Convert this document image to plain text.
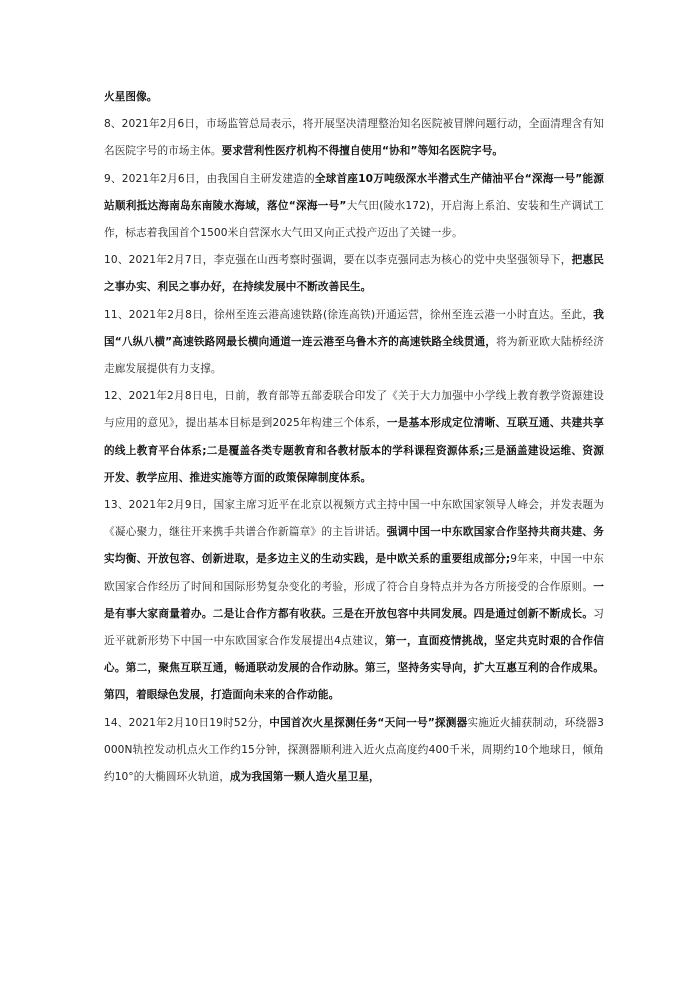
火星图像。

8、2021年2月6日，市场监管总局表示，将开展坚决清理整治知名医院被冒牌问题行动，全面清理含有知名医院字号的市场主体。要求营利性医疗机构不得擅自使用“协和”等知名医院字号。

9、2021年2月6日，由我国自主研发建造的全球首座10万吨级深水半潜式生产储油平台“深海一号”能源站顺利抵达海南岛东南陵水海域，落位“深海一号”大气田(陵水172)，开启海上系泊、安装和生产调试工作，标志着我国首个1500米自营深水大气田又向正式投产迈出了关键一步。

10、2021年2月7日，李克强在山西考察时强调，要在以李克强同志为核心的党中央坚强领导下，把惠民之事办实、利民之事办好，在持续发展中不断改善民生。

11、2021年2月8日，徐州至连云港高速铁路(徐连高铁)开通运营，徐州至连云港一小时直达。至此，我国“八纵八横”高速铁路网最长横向通道一连云港至乌鲁木齐的高速铁路全线贯通，将为新亚欧大陆桥经济走廊发展提供有力支撑。

12、2021年2月8日电，日前，教育部等五部委联合印发了《关于大力加强中小学线上教育教学资源建设与应用的意见》，提出基本目标是到2025年构建三个体系，一是基本形成定位清晰、互联互通、共建共享的线上教育平台体系;二是覆盖各类专题教育和各教材版本的学科课程资源体系;三是涵盖建设运维、资源开发、教学应用、推进实施等方面的政策保障制度体系。

13、2021年2月9日，国家主席习近平在北京以视频方式主持中国一中东欧国家领导人峰会，并发表题为《凝心聚力，继往开来携手共谱合作新篇章》的主旨讲话。强调中国一中东欧国家合作坚持共商共建、务实均衡、开放包容、创新进取，是多边主义的生动实践，是中欧关系的重要组成部分;9年来，中国一中东欧国家合作经历了时间和国际形势复杂变化的考验，形成了符合自身特点并为各方所接受的合作原则。一是有事大家商量着办。二是让合作方都有收获。三是在开放包容中共同发展。四是通过创新不断成长。习近平就新形势下中国一中东欧国家合作发展提出4点建议，第一，直面疫情挑战，坚定共克时艰的合作信心。第二，聚焦互联互通，畅通联动发展的合作动脉。第三，坚持务实导向，扩大互惠互利的合作成果。第四，着眼绿色发展，打造面向未来的合作动能。

14、2021年2月10日19时52分，中国首次火星探测任务“天问一号”探测器实施近火捕获制动，环绕器3000N轨控发动机点火工作约15分钟，探测器顺利进入近火点高度约400千米，周期约10个地球日，倾角约10°的大椭圆环火轨道，成为我国第一颗人造火星卫星，
